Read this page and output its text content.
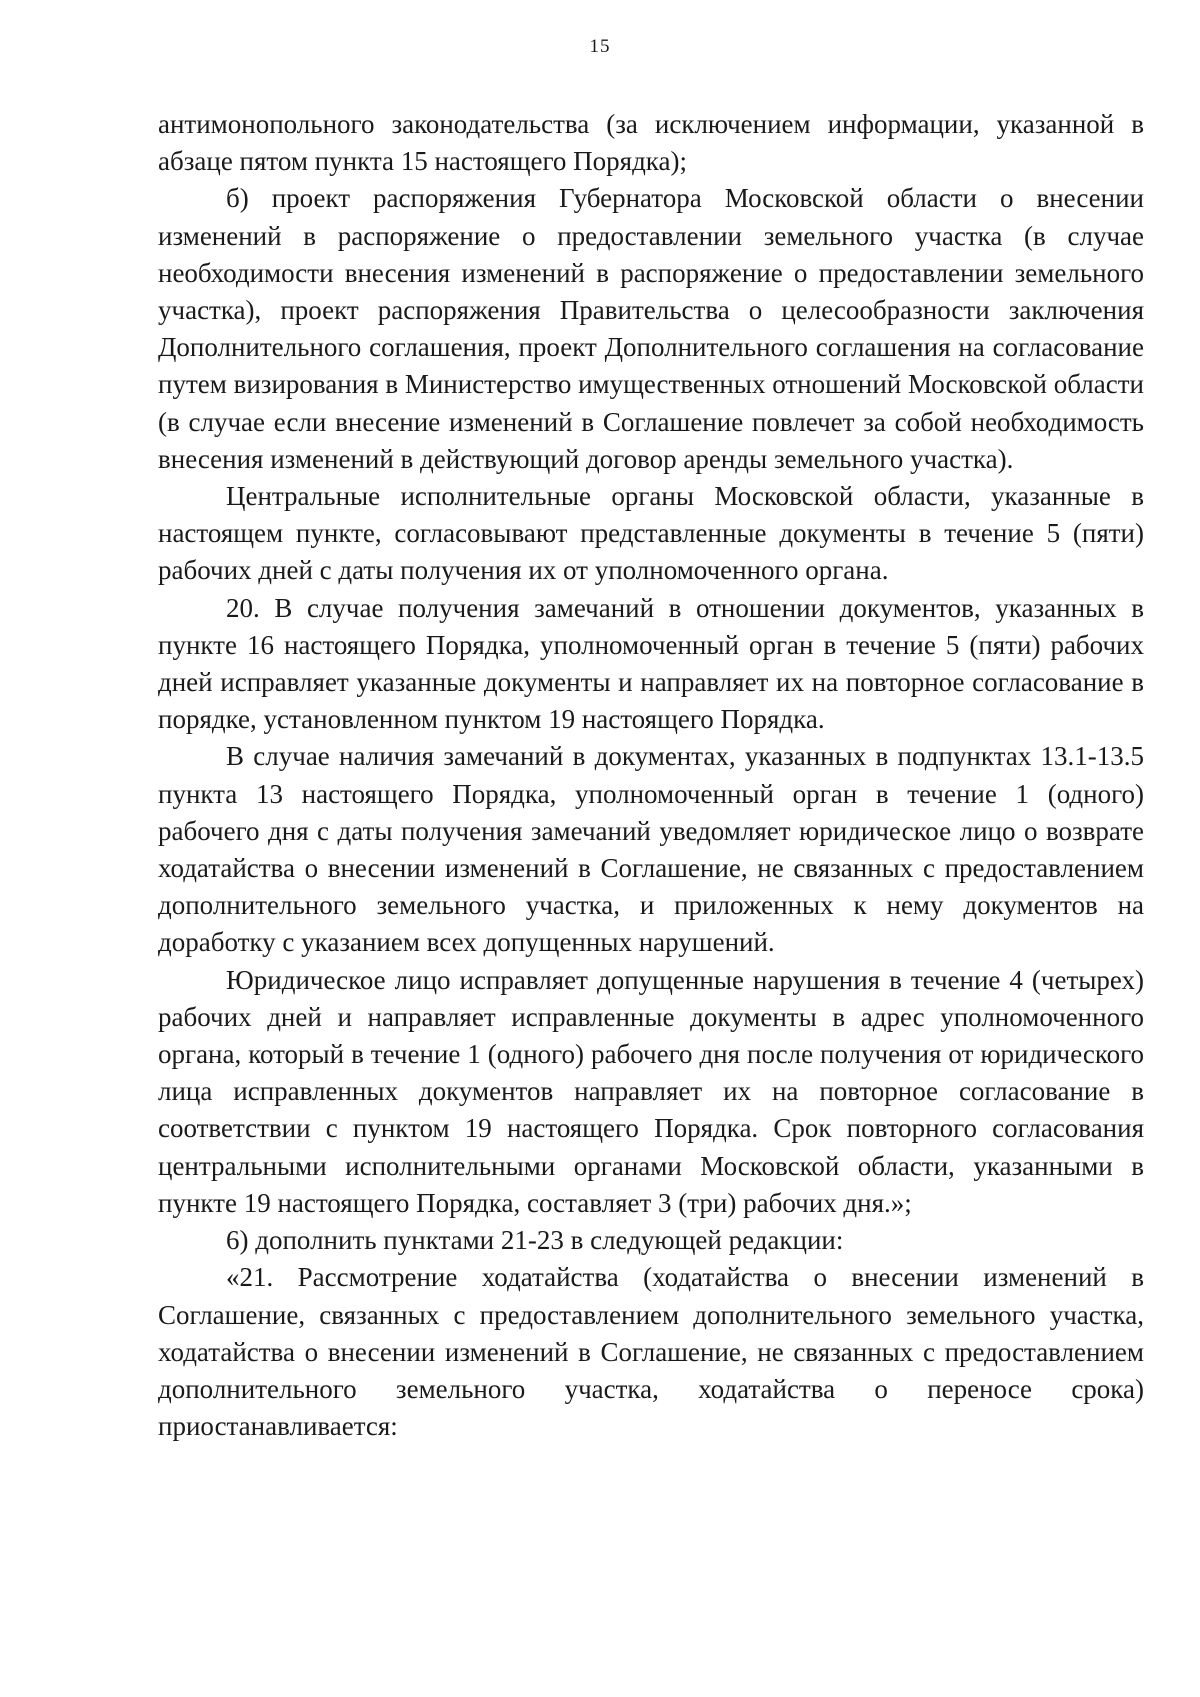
15

антимонопольного законодательства (за исключением информации, указанной в абзаце пятом пункта 15 настоящего Порядка);

б) проект распоряжения Губернатора Московской области о внесении изменений в распоряжение о предоставлении земельного участка (в случае необходимости внесения изменений в распоряжение о предоставлении земельного участка), проект распоряжения Правительства о целесообразности заключения Дополнительного соглашения, проект Дополнительного соглашения на согласование путем визирования в Министерство имущественных отношений Московской области (в случае если внесение изменений в Соглашение повлечет за собой необходимость внесения изменений в действующий договор аренды земельного участка).

Центральные исполнительные органы Московской области, указанные в настоящем пункте, согласовывают представленные документы в течение 5 (пяти) рабочих дней с даты получения их от уполномоченного органа.

20. В случае получения замечаний в отношении документов, указанных в пункте 16 настоящего Порядка, уполномоченный орган в течение 5 (пяти) рабочих дней исправляет указанные документы и направляет их на повторное согласование в порядке, установленном пунктом 19 настоящего Порядка.

В случае наличия замечаний в документах, указанных в подпунктах 13.1-13.5 пункта 13 настоящего Порядка, уполномоченный орган в течение 1 (одного) рабочего дня с даты получения замечаний уведомляет юридическое лицо о возврате ходатайства о внесении изменений в Соглашение, не связанных с предоставлением дополнительного земельного участка, и приложенных к нему документов на доработку с указанием всех допущенных нарушений.

Юридическое лицо исправляет допущенные нарушения в течение 4 (четырех) рабочих дней и направляет исправленные документы в адрес уполномоченного органа, который в течение 1 (одного) рабочего дня после получения от юридического лица исправленных документов направляет их на повторное согласование в соответствии с пунктом 19 настоящего Порядка. Срок повторного согласования центральными исполнительными органами Московской области, указанными в пункте 19 настоящего Порядка, составляет 3 (три) рабочих дня.»;

6) дополнить пунктами 21-23 в следующей редакции:

«21. Рассмотрение ходатайства (ходатайства о внесении изменений в Соглашение, связанных с предоставлением дополнительного земельного участка, ходатайства о внесении изменений в Соглашение, не связанных с предоставлением дополнительного земельного участка, ходатайства о переносе срока) приостанавливается:
